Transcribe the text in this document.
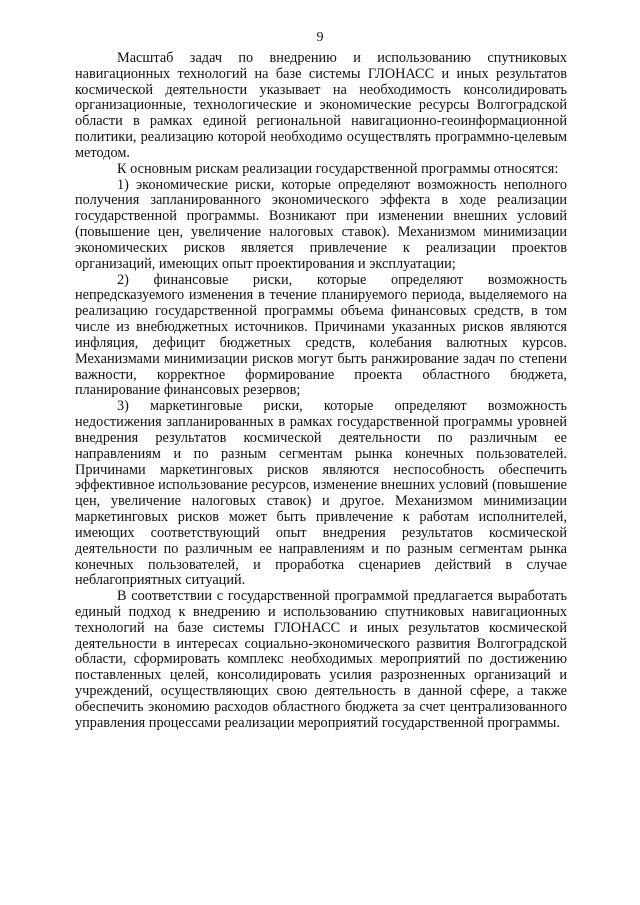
9

Масштаб задач по внедрению и использованию спутниковых навигационных технологий на базе системы ГЛОНАСС и иных результатов космической деятельности указывает на необходимость консолидировать организационные, технологические и экономические ресурсы Волгоградской области в рамках единой региональной навигационно-геоинформационной политики, реализацию которой необходимо осуществлять программно-целевым методом.

К основным рискам реализации государственной программы относятся:

1) экономические риски, которые определяют возможность неполного получения запланированного экономического эффекта в ходе реализации государственной программы. Возникают при изменении внешних условий (повышение цен, увеличение налоговых ставок). Механизмом минимизации экономических рисков является привлечение к реализации проектов организаций, имеющих опыт проектирования и эксплуатации;

2) финансовые риски, которые определяют возможность непредсказуемого изменения в течение планируемого периода, выделяемого на реализацию государственной программы объема финансовых средств, в том числе из внебюджетных источников. Причинами указанных рисков являются инфляция, дефицит бюджетных средств, колебания валютных курсов. Механизмами минимизации рисков могут быть ранжирование задач по степени важности, корректное формирование проекта областного бюджета, планирование финансовых резервов;

3) маркетинговые риски, которые определяют возможность недостижения запланированных в рамках государственной программы уровней внедрения результатов космической деятельности по различным ее направлениям и по разным сегментам рынка конечных пользователей. Причинами маркетинговых рисков являются неспособность обеспечить эффективное использование ресурсов, изменение внешних условий (повышение цен, увеличение налоговых ставок) и другое. Механизмом минимизации маркетинговых рисков может быть привлечение к работам исполнителей, имеющих соответствующий опыт внедрения результатов космической деятельности по различным ее направлениям и по разным сегментам рынка конечных пользователей, и проработка сценариев действий в случае неблагоприятных ситуаций.

В соответствии с государственной программой предлагается выработать единый подход к внедрению и использованию спутниковых навигационных технологий на базе системы ГЛОНАСС и иных результатов космической деятельности в интересах социально-экономического развития Волгоградской области, сформировать комплекс необходимых мероприятий по достижению поставленных целей, консолидировать усилия разрозненных организаций и учреждений, осуществляющих свою деятельность в данной сфере, а также обеспечить экономию расходов областного бюджета за счет централизованного управления процессами реализации мероприятий государственной программы.
